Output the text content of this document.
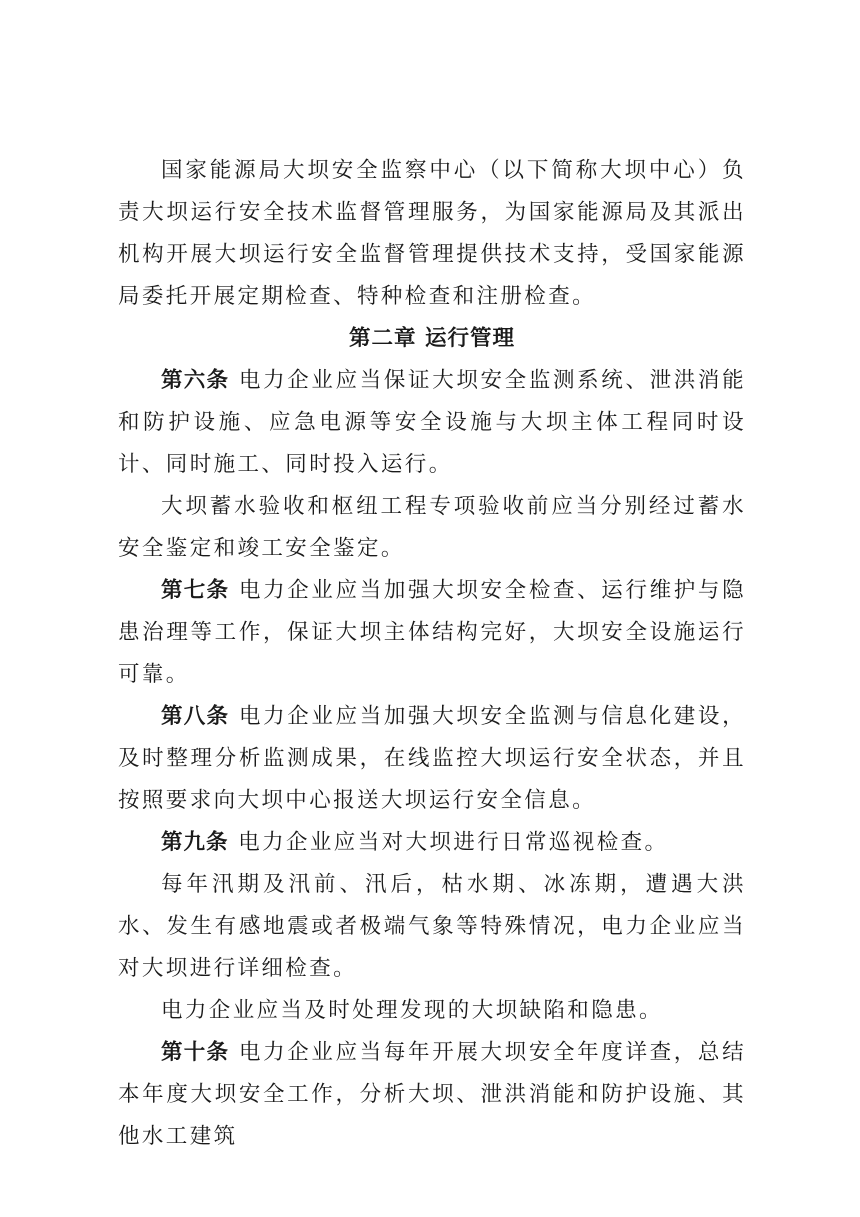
国家能源局大坝安全监察中心（以下简称大坝中心）负责大坝运行安全技术监督管理服务，为国家能源局及其派出机构开展大坝运行安全监督管理提供技术支持，受国家能源局委托开展定期检查、特种检查和注册检查。

第二章 运行管理

第六条 电力企业应当保证大坝安全监测系统、泄洪消能和防护设施、应急电源等安全设施与大坝主体工程同时设计、同时施工、同时投入运行。

大坝蓄水验收和枢纽工程专项验收前应当分别经过蓄水安全鉴定和竣工安全鉴定。

第七条 电力企业应当加强大坝安全检查、运行维护与隐患治理等工作，保证大坝主体结构完好，大坝安全设施运行可靠。

第八条 电力企业应当加强大坝安全监测与信息化建设，及时整理分析监测成果，在线监控大坝运行安全状态，并且按照要求向大坝中心报送大坝运行安全信息。

第九条 电力企业应当对大坝进行日常巡视检查。

每年汛期及汛前、汛后，枯水期、冰冻期，遭遇大洪水、发生有感地震或者极端气象等特殊情况，电力企业应当对大坝进行详细检查。

电力企业应当及时处理发现的大坝缺陷和隐患。

第十条 电力企业应当每年开展大坝安全年度详查，总结本年度大坝安全工作，分析大坝、泄洪消能和防护设施、其他水工建筑
